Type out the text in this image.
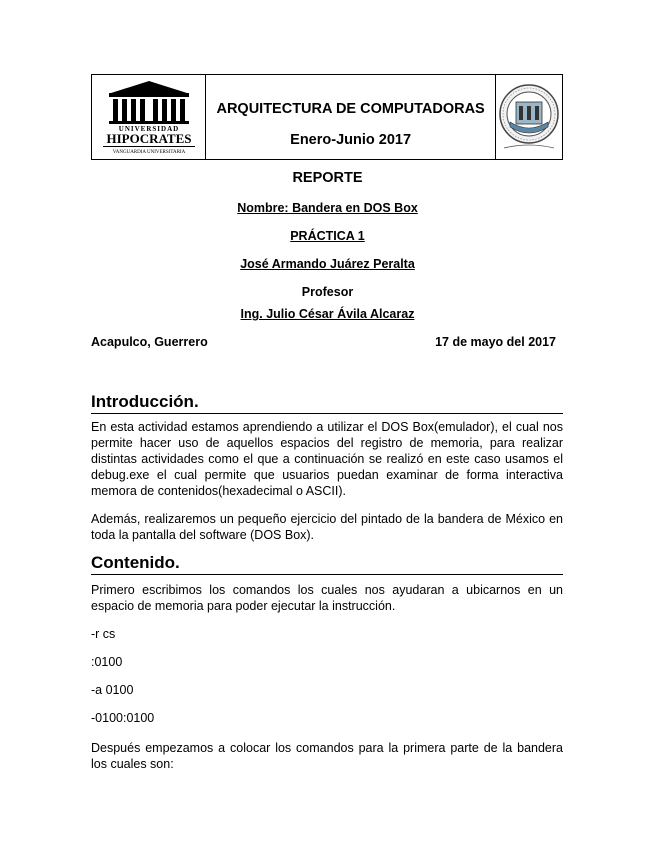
UNIVERSIDAD
HIPOCRATES
VANGUARDIA UNIVERSITARIA
ARQUITECTURA DE COMPUTADORAS
Enero-Junio 2017
REPORTE
Nombre: Bandera en DOS Box
PRÁCTICA 1
José Armando Juárez Peralta
Profesor
Ing. Julio César Ávila Alcaraz
Acapulco, Guerrero	17 de mayo del 2017
Introducción.

En esta actividad estamos aprendiendo a utilizar el DOS Box(emulador), el cual nos permite hacer uso de aquellos espacios del registro de memoria, para realizar distintas actividades como el que a continuación se realizó en este caso usamos el debug.exe el cual permite que usuarios puedan examinar de forma interactiva memora de contenidos(hexadecimal o ASCII).

Además, realizaremos un pequeño ejercicio del pintado de la bandera de México en toda la pantalla del software (DOS Box).

Contenido.

Primero escribimos los comandos los cuales nos ayudaran a ubicarnos en un espacio de memoria para poder ejecutar la instrucción.

-r cs
:0100
-a 0100
-0100:0100

Después empezamos a colocar los comandos para la primera parte de la bandera los cuales son:
